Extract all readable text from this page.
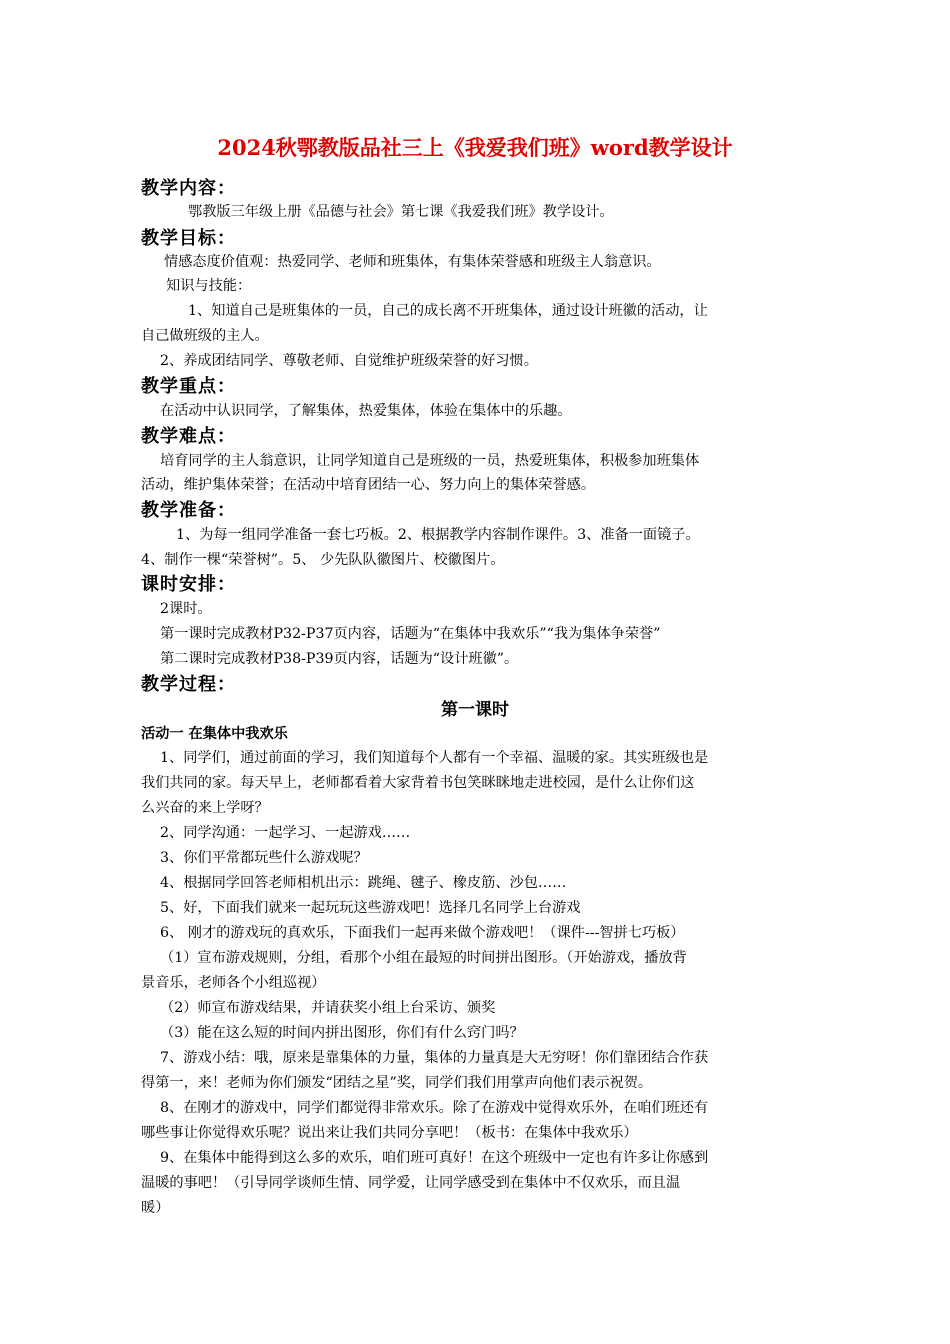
2024秋鄂教版品社三上《我爱我们班》word教学设计
教学内容：
鄂教版三年级上册《品德与社会》第七课《我爱我们班》教学设计。
教学目标：
情感态度价值观：热爱同学、老师和班集体，有集体荣誉感和班级主人翁意识。
知识与技能：
1、知道自己是班集体的一员，自己的成长离不开班集体，通过设计班徽的活动，让
自己做班级的主人。
2、养成团结同学、尊敬老师、自觉维护班级荣誉的好习惯。
教学重点：
在活动中认识同学，了解集体，热爱集体，体验在集体中的乐趣。
教学难点：
培育同学的主人翁意识，让同学知道自己是班级的一员，热爱班集体，积极参加班集体
活动，维护集体荣誉；在活动中培育团结一心、努力向上的集体荣誉感。
教学准备：
1、为每一组同学准备一套七巧板。2、根据教学内容制作课件。3、准备一面镜子。
4、制作一棵“荣誉树”。5、 少先队队徽图片、校徽图片。
课时安排：
2课时。
第一课时完成教材P32-P37页内容，话题为“在集体中我欢乐”“我为集体争荣誉”
第二课时完成教材P38-P39页内容，话题为“设计班徽”。
教学过程：
第一课时
活动一 在集体中我欢乐
1、同学们，通过前面的学习，我们知道每个人都有一个幸福、温暖的家。其实班级也是
我们共同的家。每天早上，老师都看着大家背着书包笑眯眯地走进校园，是什么让你们这
么兴奋的来上学呀？
2、同学沟通：一起学习、一起游戏……
3、你们平常都玩些什么游戏呢？
4、根据同学回答老师相机出示：跳绳、毽子、橡皮筋、沙包……
5、好，下面我们就来一起玩玩这些游戏吧！选择几名同学上台游戏
6、 刚才的游戏玩的真欢乐，下面我们一起再来做个游戏吧！（课件---智拼七巧板）
（1）宣布游戏规则，分组，看那个小组在最短的时间拼出图形。（开始游戏，播放背
景音乐，老师各个小组巡视）
（2）师宣布游戏结果，并请获奖小组上台采访、颁奖
（3）能在这么短的时间内拼出图形，你们有什么窍门吗？
7、游戏小结：哦，原来是靠集体的力量，集体的力量真是大无穷呀！你们靠团结合作获
得第一，来！老师为你们颁发“团结之星”奖，同学们我们用掌声向他们表示祝贺。
8、在刚才的游戏中，同学们都觉得非常欢乐。除了在游戏中觉得欢乐外，在咱们班还有
哪些事让你觉得欢乐呢？说出来让我们共同分享吧！（板书：在集体中我欢乐）
9、在集体中能得到这么多的欢乐，咱们班可真好！在这个班级中一定也有许多让你感到
温暖的事吧！（引导同学谈师生情、同学爱，让同学感受到在集体中不仅欢乐，而且温
暖）
